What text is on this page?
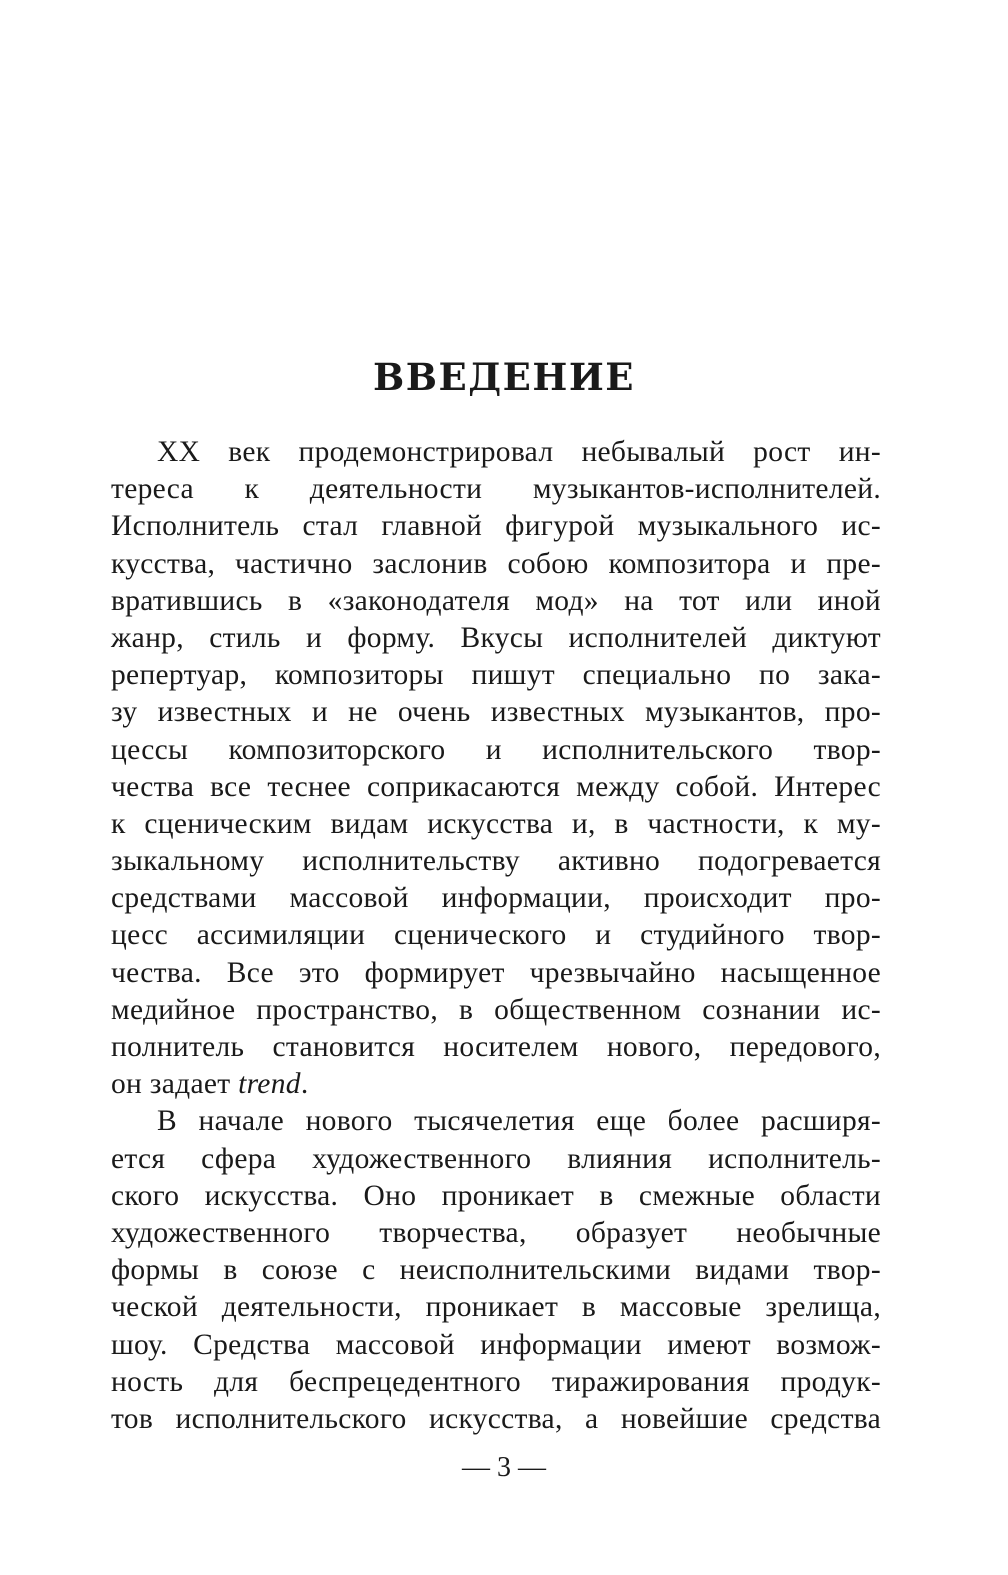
ВВЕДЕНИЕ
XX век продемонстрировал небывалый рост ин-
тереса к деятельности музыкантов-исполнителей.
Исполнитель стал главной фигурой музыкального ис-
кусства, частично заслонив собою композитора и пре-
вратившись в «законодателя мод» на тот или иной
жанр, стиль и форму. Вкусы исполнителей диктуют
репертуар, композиторы пишут специально по зака-
зу известных и не очень известных музыкантов, про-
цессы композиторского и исполнительского твор-
чества все теснее соприкасаются между собой. Интерес
к сценическим видам искусства и, в частности, к му-
зыкальному исполнительству активно подогревается
средствами массовой информации, происходит про-
цесс ассимиляции сценического и студийного твор-
чества. Все это формирует чрезвычайно насыщенное
медийное пространство, в общественном сознании ис-
полнитель становится носителем нового, передового,
он задает trend.
В начале нового тысячелетия еще более расширя-
ется сфера художественного влияния исполнитель-
ского искусства. Оно проникает в смежные области
художественного творчества, образует необычные
формы в союзе с неисполнительскими видами твор-
ческой деятельности, проникает в массовые зрелища,
шоу. Средства массовой информации имеют возмож-
ность для беспрецедентного тиражирования продук-
тов исполнительского искусства, а новейшие средства
— 3 —
